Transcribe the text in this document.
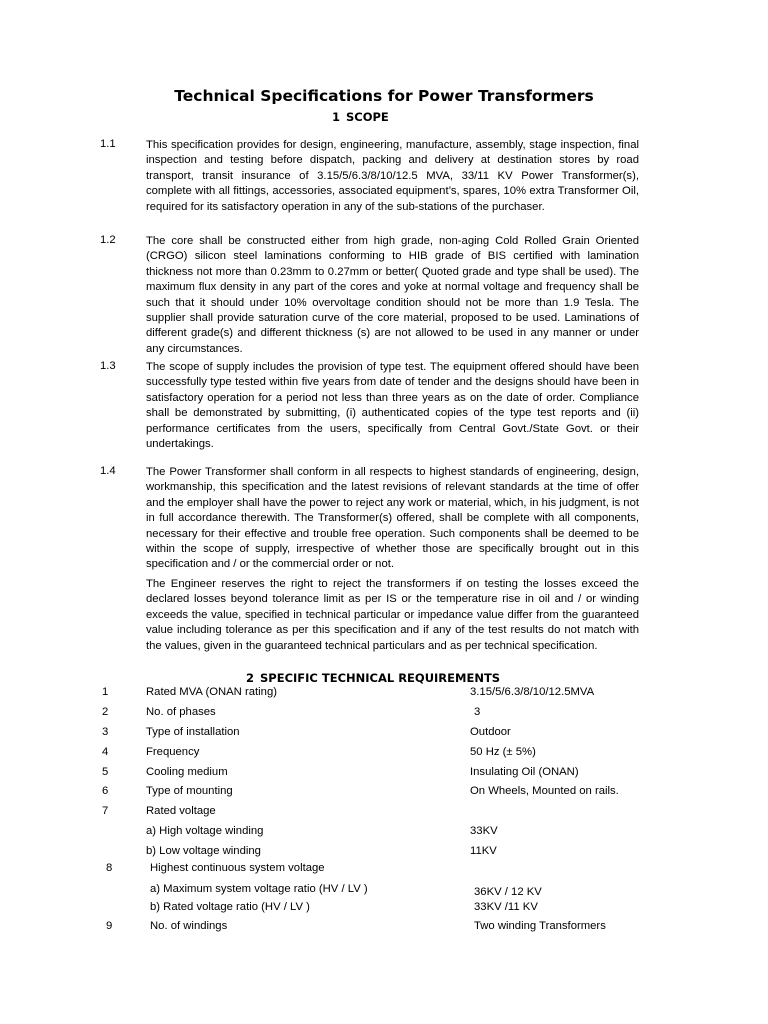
Technical Specifications for Power Transformers
1 SCOPE
1.1	This specification provides for design, engineering, manufacture, assembly, stage inspection, final inspection and testing before dispatch, packing and delivery at destination stores by road transport, transit insurance of 3.15/5/6.3/8/10/12.5 MVA, 33/11 KV Power Transformer(s), complete with all fittings, accessories, associated equipment’s, spares, 10% extra Transformer Oil, required for its satisfactory operation in any of the sub-stations of the purchaser.
1.2	The core shall be constructed either from high grade, non-aging Cold Rolled Grain Oriented (CRGO) silicon steel laminations conforming to HIB grade of BIS certified with lamination thickness not more than 0.23mm to 0.27mm or better( Quoted grade and type shall be used). The maximum flux density in any part of the cores and yoke at normal voltage and frequency shall be such that it should under 10% overvoltage condition should not be more than 1.9 Tesla. The supplier shall provide saturation curve of the core material, proposed to be used. Laminations of different grade(s) and different thickness (s) are not allowed to be used in any manner or under any circumstances.
1.3	The scope of supply includes the provision of type test. The equipment offered should have been successfully type tested within five years from date of tender and the designs should have been in satisfactory operation for a period not less than three years as on the date of order. Compliance shall be demonstrated by submitting, (i) authenticated copies of the type test reports and (ii) performance certificates from the users, specifically from Central Govt./State Govt. or their undertakings.
1.4	The Power Transformer shall conform in all respects to highest standards of engineering, design, workmanship, this specification and the latest revisions of relevant standards at the time of offer and the employer shall have the power to reject any work or material, which, in his judgment, is not in full accordance therewith. The Transformer(s) offered, shall be complete with all components, necessary for their effective and trouble free operation. Such components shall be deemed to be within the scope of supply, irrespective of whether those are specifically brought out in this specification and / or the commercial order or not.
The Engineer reserves the right to reject the transformers if on testing the losses exceed the declared losses beyond tolerance limit as per IS or the temperature rise in oil and / or winding exceeds the value, specified in technical particular or impedance value differ from the guaranteed value including tolerance as per this specification and if any of the test results do not match with the values, given in the guaranteed technical particulars and as per technical specification.
2 SPECIFIC TECHNICAL REQUIREMENTS
1	Rated MVA (ONAN rating)	3.15/5/6.3/8/10/12.5MVA
2	No. of phases	3
3	Type of installation	Outdoor
4	Frequency	50 Hz (± 5%)
5	Cooling medium	Insulating Oil (ONAN)
6	Type of mounting	On Wheels, Mounted on rails.
7	Rated voltage
a) High voltage winding	33KV
b) Low voltage winding	11KV
8	Highest continuous system voltage
a) Maximum system voltage ratio (HV / LV )	36KV / 12 KV
b) Rated voltage ratio (HV / LV )	33KV /11 KV
9	No. of windings	Two winding Transformers
